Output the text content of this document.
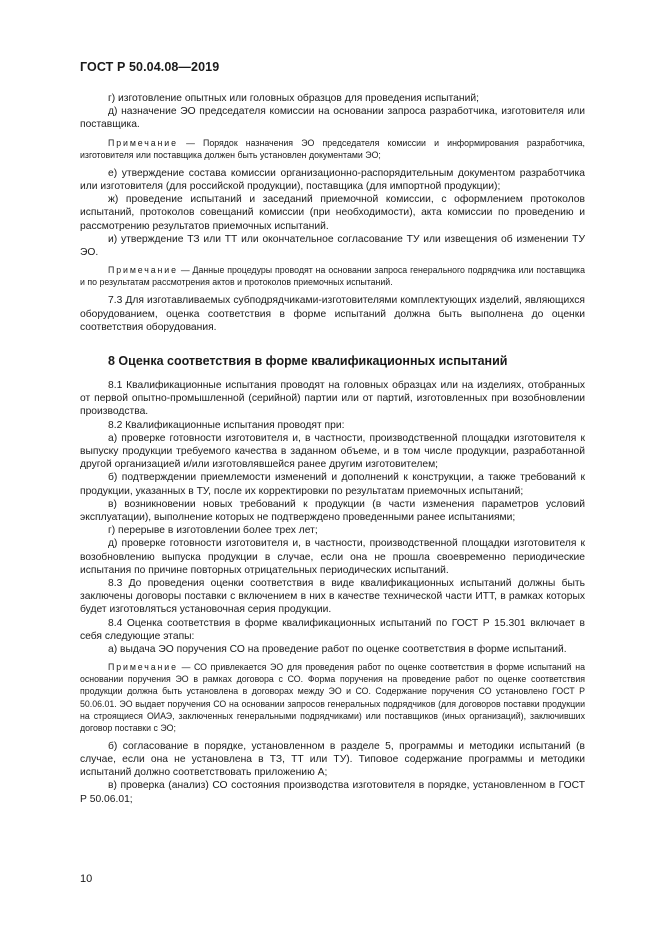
ГОСТ Р 50.04.08—2019

г) изготовление опытных или головных образцов для проведения испытаний;

д) назначение ЭО председателя комиссии на основании запроса разработчика, изготовителя или поставщика.

Примечание — Порядок назначения ЭО председателя комиссии и информирования разработчика, изготовителя или поставщика должен быть установлен документами ЭО;

е) утверждение состава комиссии организационно-распорядительным документом разработчика или изготовителя (для российской продукции), поставщика (для импортной продукции);

ж) проведение испытаний и заседаний приемочной комиссии, с оформлением протоколов испытаний, протоколов совещаний комиссии (при необходимости), акта комиссии по проведению и рассмотрению результатов приемочных испытаний.

и) утверждение ТЗ или ТТ или окончательное согласование ТУ или извещения об изменении ТУ ЭО.

Примечание — Данные процедуры проводят на основании запроса генерального подрядчика или поставщика и по результатам рассмотрения актов и протоколов приемочных испытаний.

7.3 Для изготавливаемых субподрядчиками-изготовителями комплектующих изделий, являющихся оборудованием, оценка соответствия в форме испытаний должна быть выполнена до оценки соответствия оборудования.

8 Оценка соответствия в форме квалификационных испытаний

8.1 Квалификационные испытания проводят на головных образцах или на изделиях, отобранных от первой опытно-промышленной (серийной) партии или от партий, изготовленных при возобновлении производства.

8.2 Квалификационные испытания проводят при:

а) проверке готовности изготовителя и, в частности, производственной площадки изготовителя к выпуску продукции требуемого качества в заданном объеме, и в том числе продукции, разработанной другой организацией и/или изготовлявшейся ранее другим изготовителем;

б) подтверждении приемлемости изменений и дополнений к конструкции, а также требований к продукции, указанных в ТУ, после их корректировки по результатам приемочных испытаний;

в) возникновении новых требований к продукции (в части изменения параметров условий эксплуатации), выполнение которых не подтверждено проведенными ранее испытаниями;

г) перерыве в изготовлении более трех лет;

д) проверке готовности изготовителя и, в частности, производственной площадки изготовителя к возобновлению выпуска продукции в случае, если она не прошла своевременно периодические испытания по причине повторных отрицательных периодических испытаний.

8.3 До проведения оценки соответствия в виде квалификационных испытаний должны быть заключены договоры поставки с включением в них в качестве технической части ИТТ, в рамках которых будет изготовляться установочная серия продукции.

8.4 Оценка соответствия в форме квалификационных испытаний по ГОСТ Р 15.301 включает в себя следующие этапы:

а) выдача ЭО поручения СО на проведение работ по оценке соответствия в форме испытаний.

Примечание — СО привлекается ЭО для проведения работ по оценке соответствия в форме испытаний на основании поручения ЭО в рамках договора с СО. Форма поручения на проведение работ по оценке соответствия продукции должна быть установлена в договорах между ЭО и СО. Содержание поручения СО установлено ГОСТ Р 50.06.01. ЭО выдает поручения СО на основании запросов генеральных подрядчиков (для договоров поставки продукции на строящиеся ОИАЭ, заключенных генеральными подрядчиками) или поставщиков (иных организаций), заключивших договор поставки с ЭО;

б) согласование в порядке, установленном в разделе 5, программы и методики испытаний (в случае, если она не установлена в ТЗ, ТТ или ТУ). Типовое содержание программы и методики испытаний должно соответствовать приложению А;

в) проверка (анализ) СО состояния производства изготовителя в порядке, установленном в ГОСТ Р 50.06.01;

10
